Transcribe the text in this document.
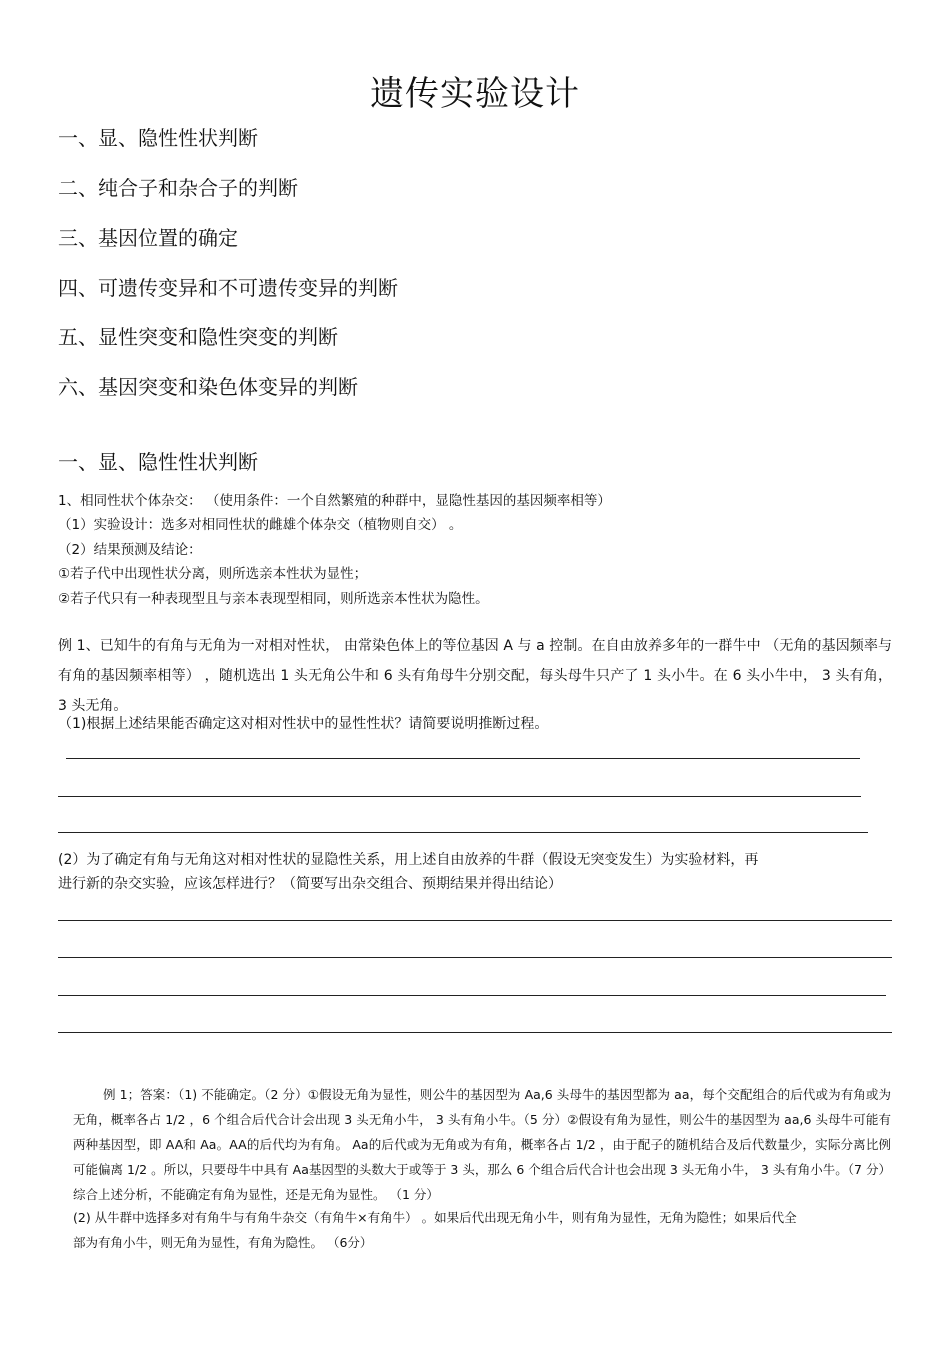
遗传实验设计
一、显、隐性性状判断
二、纯合子和杂合子的判断
三、基因位置的确定
四、可遗传变异和不可遗传变异的判断
五、显性突变和隐性突变的判断
六、基因突变和染色体变异的判断
一、显、隐性性状判断
1、相同性状个体杂交： （使用条件：一个自然繁殖的种群中，显隐性基因的基因频率相等）
（1）实验设计：选多对相同性状的雌雄个体杂交（植物则自交） 。
（2）结果预测及结论：
①若子代中出现性状分离，则所选亲本性状为显性；
②若子代只有一种表现型且与亲本表现型相同，则所选亲本性状为隐性。
例 1、已知牛的有角与无角为一对相对性状， 由常染色体上的等位基因 A 与 a 控制。在自由放养多年的一群牛中 （无角的基因频率与有角的基因频率相等） ，随机选出 1 头无角公牛和 6 头有角母牛分别交配，每头母牛只产了 1 头小牛。在 6 头小牛中， 3 头有角， 3 头无角。
（1)根据上述结果能否确定这对相对性状中的显性性状？请简要说明推断过程。
(2）为了确定有角与无角这对相对性状的显隐性关系，用上述自由放养的牛群（假设无突变发生）为实验材料，再
进行新的杂交实验，应该怎样进行？（简要写出杂交组合、预期结果并得出结论）
例 1；答案：（1) 不能确定。（2 分）①假设无角为显性，则公牛的基因型为 Aa,6 头母牛的基因型都为 aa，每个交配组合的后代或为有角或为无角，概率各占 1/2 ，6 个组合后代合计会出现 3 头无角小牛， 3 头有角小牛。（5 分）②假设有角为显性，则公牛的基因型为 aa,6 头母牛可能有两种基因型，即 AA和 Aa。AA的后代均为有角。 Aa的后代或为无角或为有角，概率各占 1/2 ，由于配子的随机结合及后代数量少，实际分离比例可能偏离 1/2 。所以，只要母牛中具有 Aa基因型的头数大于或等于 3 头，那么 6 个组合后代合计也会出现 3 头无角小牛， 3 头有角小牛。（7 分）综合上述分析，不能确定有角为显性，还是无角为显性。 （1 分）
(2) 从牛群中选择多对有角牛与有角牛杂交（有角牛×有角牛） 。如果后代出现无角小牛，则有角为显性，无角为隐性；如果后代全
部为有角小牛，则无角为显性，有角为隐性。 （6分）
